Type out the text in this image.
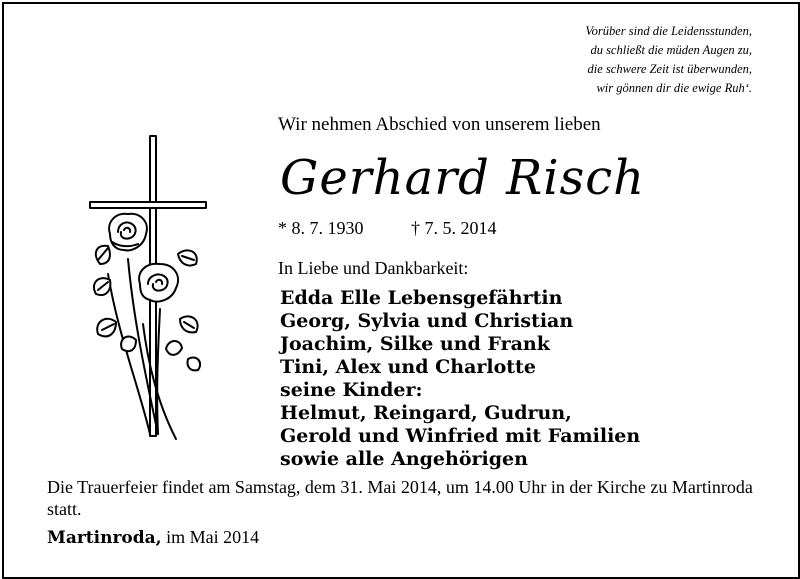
Vorüber sind die Leidensstunden,
du schließt die müden Augen zu,
die schwere Zeit ist überwunden,
wir gönnen dir die ewige Ruh‘.
Wir nehmen Abschied von unserem lieben
Gerhard Risch
* 8. 7. 1930	† 7. 5. 2014
In Liebe und Dankbarkeit:
Edda Elle Lebensgefährtin
Georg, Sylvia und Christian
Joachim, Silke und Frank
Tini, Alex und Charlotte
seine Kinder:
Helmut, Reingard, Gudrun,
Gerold und Winfried mit Familien
sowie alle Angehörigen
Die Trauerfeier findet am Samstag, dem 31. Mai 2014, um 14.00 Uhr in der Kirche zu Martinroda statt.
Martinroda, im Mai 2014
